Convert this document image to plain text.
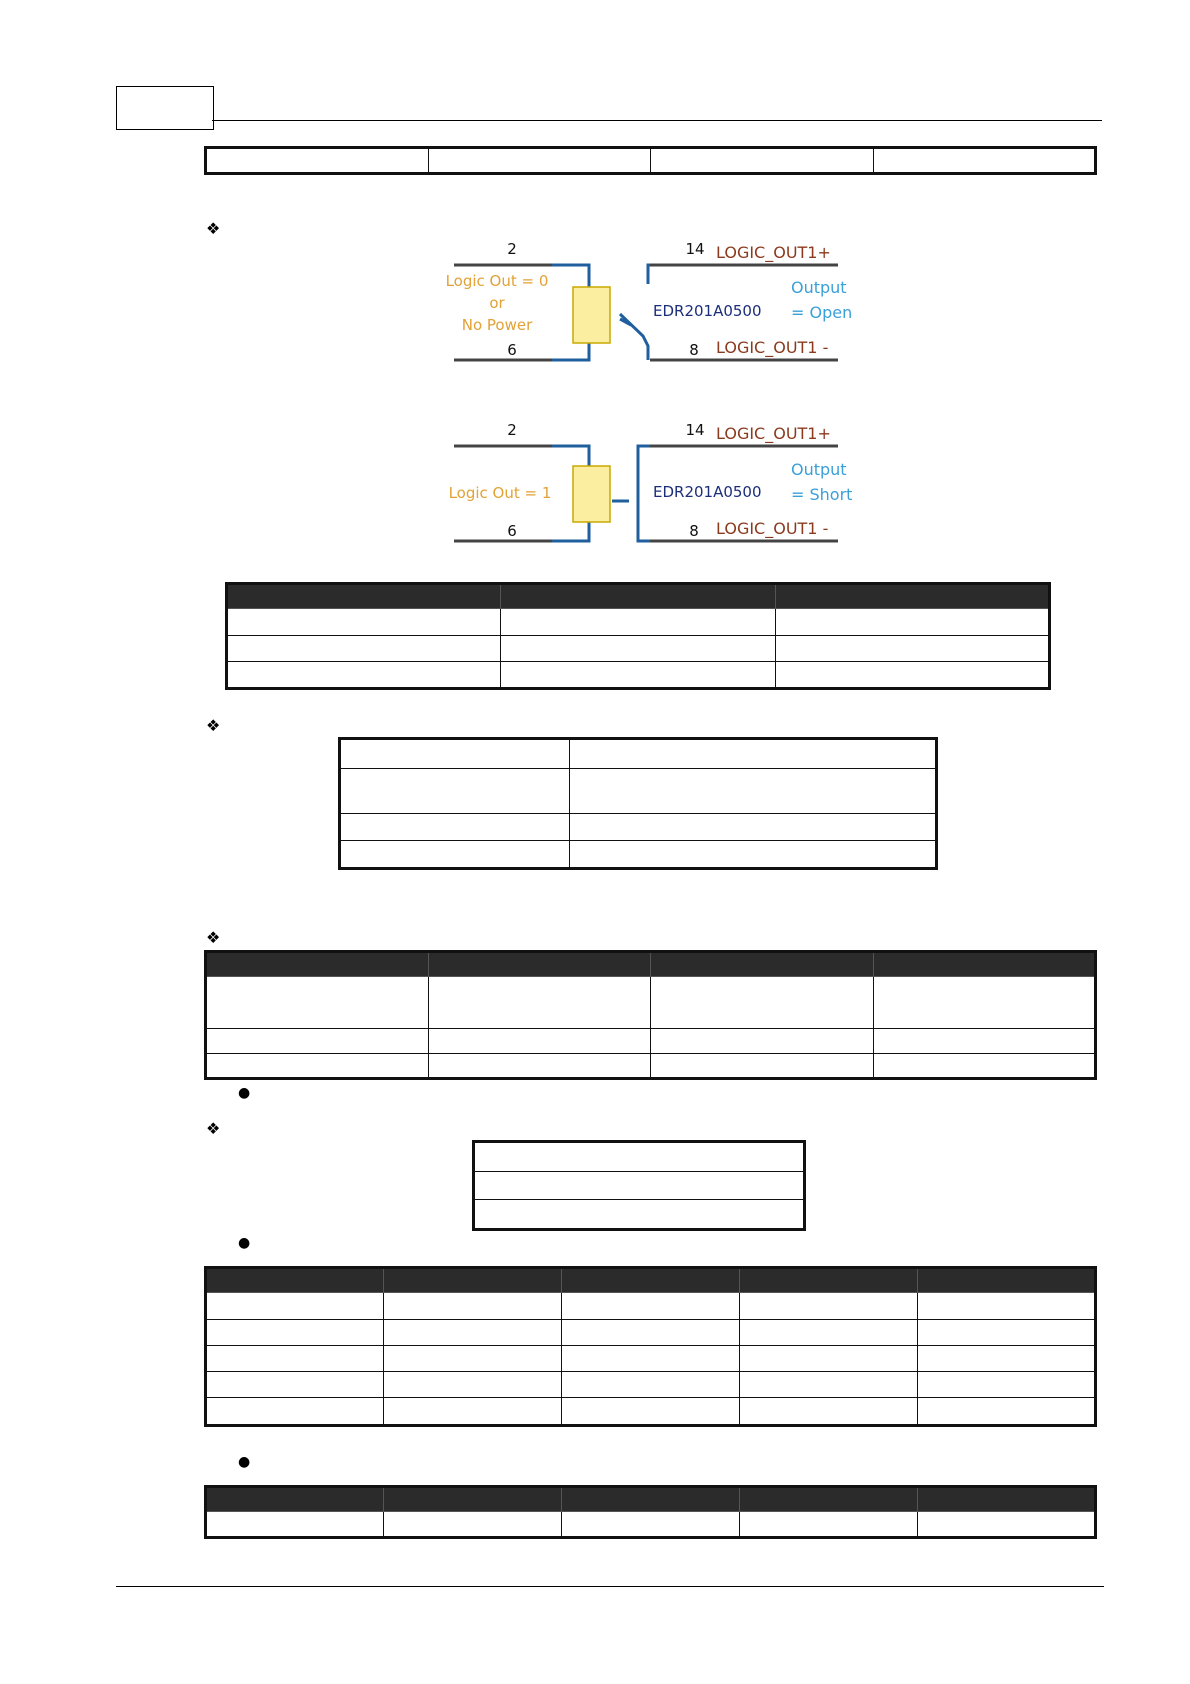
❖
2
6
14
8
Logic Out = 0
or
No Power
EDR201A0500
LOGIC_OUT1+
LOGIC_OUT1 -
Output
= Open
2
6
14
8
Logic Out = 1	EDR201A0500
LOGIC_OUT1+
LOGIC_OUT1 -
Output
= Short

❖

❖

●
❖

●

●
